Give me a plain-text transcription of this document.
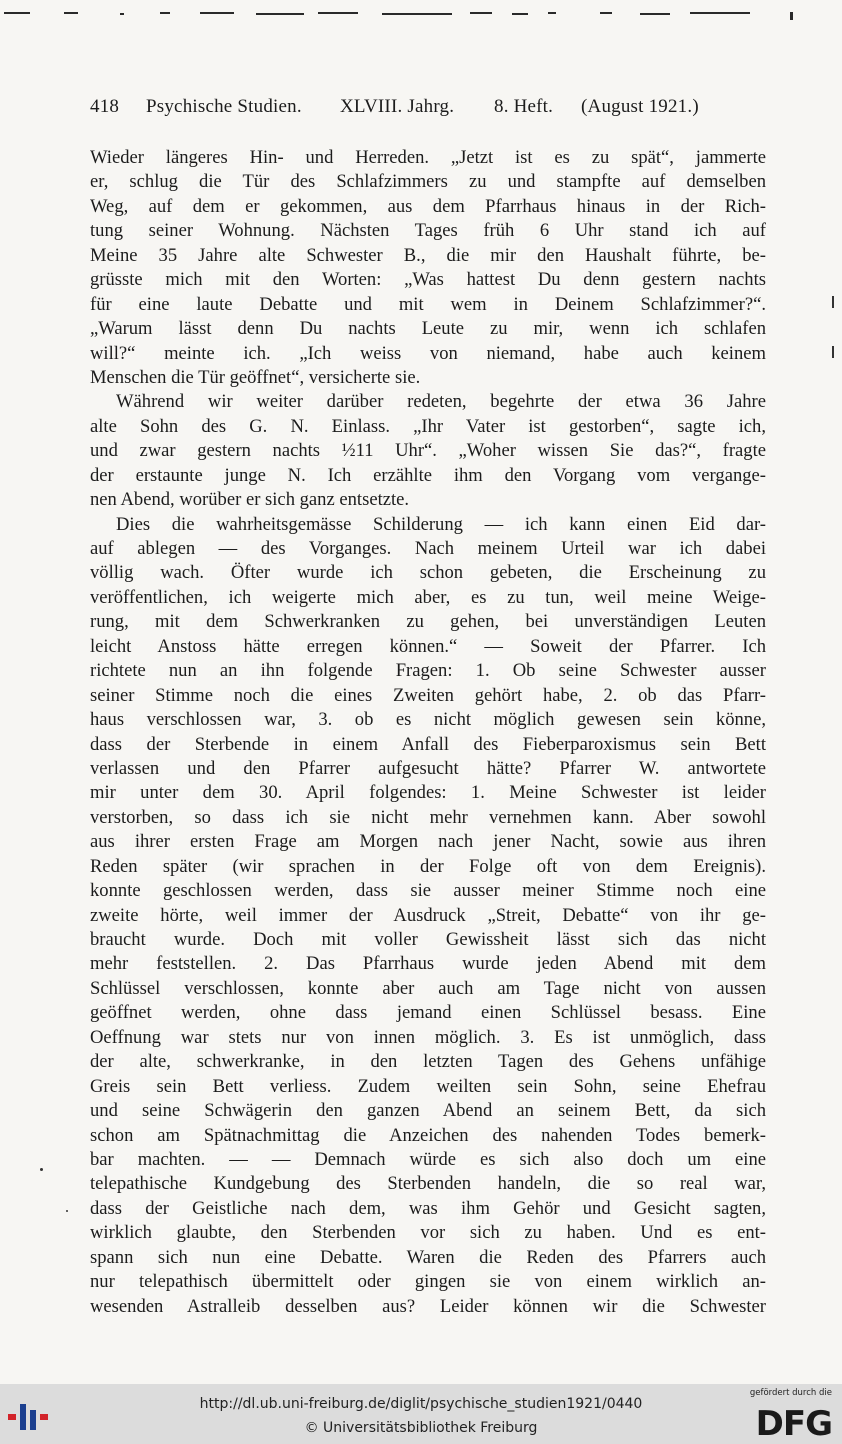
418 Psychische Studien. XLVIII. Jahrg. 8. Heft. (August 1921.)
Wieder längeres Hin- und Herreden. „Jetzt ist es zu spät“, jammerte
er, schlug die Tür des Schlafzimmers zu und stampfte auf demselben
Weg, auf dem er gekommen, aus dem Pfarrhaus hinaus in der Rich-
tung seiner Wohnung. Nächsten Tages früh 6 Uhr stand ich auf
Meine 35 Jahre alte Schwester B., die mir den Haushalt führte, be-
grüsste mich mit den Worten: „Was hattest Du denn gestern nachts
für eine laute Debatte und mit wem in Deinem Schlafzimmer?“.
„Warum lässt denn Du nachts Leute zu mir, wenn ich schlafen
will?“ meinte ich. „Ich weiss von niemand, habe auch keinem
Menschen die Tür geöffnet“, versicherte sie.
Während wir weiter darüber redeten, begehrte der etwa 36 Jahre
alte Sohn des G. N. Einlass. „Ihr Vater ist gestorben“, sagte ich,
und zwar gestern nachts ½11 Uhr“. „Woher wissen Sie das?“, fragte
der erstaunte junge N. Ich erzählte ihm den Vorgang vom vergange-
nen Abend, worüber er sich ganz entsetzte.
Dies die wahrheitsgemässe Schilderung — ich kann einen Eid dar-
auf ablegen — des Vorganges. Nach meinem Urteil war ich dabei
völlig wach. Öfter wurde ich schon gebeten, die Erscheinung zu
veröffentlichen, ich weigerte mich aber, es zu tun, weil meine Weige-
rung, mit dem Schwerkranken zu gehen, bei unverständigen Leuten
leicht Anstoss hätte erregen können.“ — Soweit der Pfarrer. Ich
richtete nun an ihn folgende Fragen: 1. Ob seine Schwester ausser
seiner Stimme noch die eines Zweiten gehört habe, 2. ob das Pfarr-
haus verschlossen war, 3. ob es nicht möglich gewesen sein könne,
dass der Sterbende in einem Anfall des Fieberparoxismus sein Bett
verlassen und den Pfarrer aufgesucht hätte? Pfarrer W. antwortete
mir unter dem 30. April folgendes: 1. Meine Schwester ist leider
verstorben, so dass ich sie nicht mehr vernehmen kann. Aber sowohl
aus ihrer ersten Frage am Morgen nach jener Nacht, sowie aus ihren
Reden später (wir sprachen in der Folge oft von dem Ereignis).
konnte geschlossen werden, dass sie ausser meiner Stimme noch eine
zweite hörte, weil immer der Ausdruck „Streit, Debatte“ von ihr ge-
braucht wurde. Doch mit voller Gewissheit lässt sich das nicht
mehr feststellen. 2. Das Pfarrhaus wurde jeden Abend mit dem
Schlüssel verschlossen, konnte aber auch am Tage nicht von aussen
geöffnet werden, ohne dass jemand einen Schlüssel besass. Eine
Oeffnung war stets nur von innen möglich. 3. Es ist unmöglich, dass
der alte, schwerkranke, in den letzten Tagen des Gehens unfähige
Greis sein Bett verliess. Zudem weilten sein Sohn, seine Ehefrau
und seine Schwägerin den ganzen Abend an seinem Bett, da sich
schon am Spätnachmittag die Anzeichen des nahenden Todes bemerk-
bar machten. — — Demnach würde es sich also doch um eine
telepathische Kundgebung des Sterbenden handeln, die so real war,
dass der Geistliche nach dem, was ihm Gehör und Gesicht sagten,
wirklich glaubte, den Sterbenden vor sich zu haben. Und es ent-
spann sich nun eine Debatte. Waren die Reden des Pfarrers auch
nur telepathisch übermittelt oder gingen sie von einem wirklich an-
wesenden Astralleib desselben aus? Leider können wir die Schwester
http://dl.ub.uni-freiburg.de/diglit/psychische_studien1921/0440
© Universitätsbibliothek Freiburg
gefördert durch die
DFG
